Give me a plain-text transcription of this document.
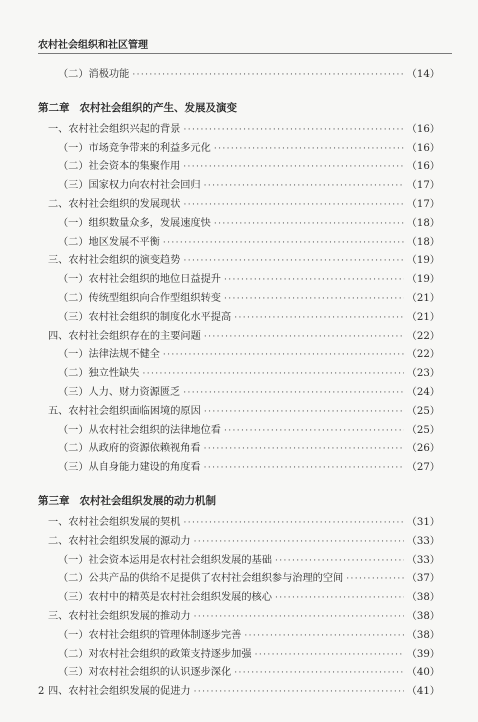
农村社会组织和社区管理
（二）消极功能 ·····	（14）
第二章 农村社会组织的产生、发展及演变
一、农村社会组织兴起的背景 ·····	（16）
（一）市场竞争带来的利益多元化 ·····	（16）
（二）社会资本的集聚作用 ·····	（16）
（三）国家权力向农村社会回归 ·····	（17）
二、农村社会组织的发展现状 ·····	（17）
（一）组织数量众多，发展速度快 ·····	（18）
（二）地区发展不平衡 ·····	（18）
三、农村社会组织的演变趋势 ·····	（19）
（一）农村社会组织的地位日益提升 ·····	（19）
（二）传统型组织向合作型组织转变 ·····	（21）
（三）农村社会组织的制度化水平提高 ·····	（21）
四、农村社会组织存在的主要问题 ·····	（22）
（一）法律法规不健全 ·····	（22）
（二）独立性缺失 ·····	（23）
（三）人力、财力资源匮乏 ·····	（24）
五、农村社会组织面临困境的原因 ·····	（25）
（一）从农村社会组织的法律地位看 ·····	（25）
（二）从政府的资源依赖视角看 ·····	（26）
（三）从自身能力建设的角度看 ·····	（27）
第三章 农村社会组织发展的动力机制
一、农村社会组织发展的契机 ·····	（31）
二、农村社会组织发展的源动力 ·····	（33）
（一）社会资本运用是农村社会组织发展的基础 ·····	（33）
（二）公共产品的供给不足提供了农村社会组织参与治理的空间 ·····	（37）
（三）农村中的精英是农村社会组织发展的核心 ·····	（38）
三、农村社会组织发展的推动力 ·····	（38）
（一）农村社会组织的管理体制逐步完善 ·····	（38）
（二）对农村社会组织的政策支持逐步加强 ·····	（39）
（三）对农村社会组织的认识逐步深化 ·····	（40）
四、农村社会组织发展的促进力 ·····	（41）
2
